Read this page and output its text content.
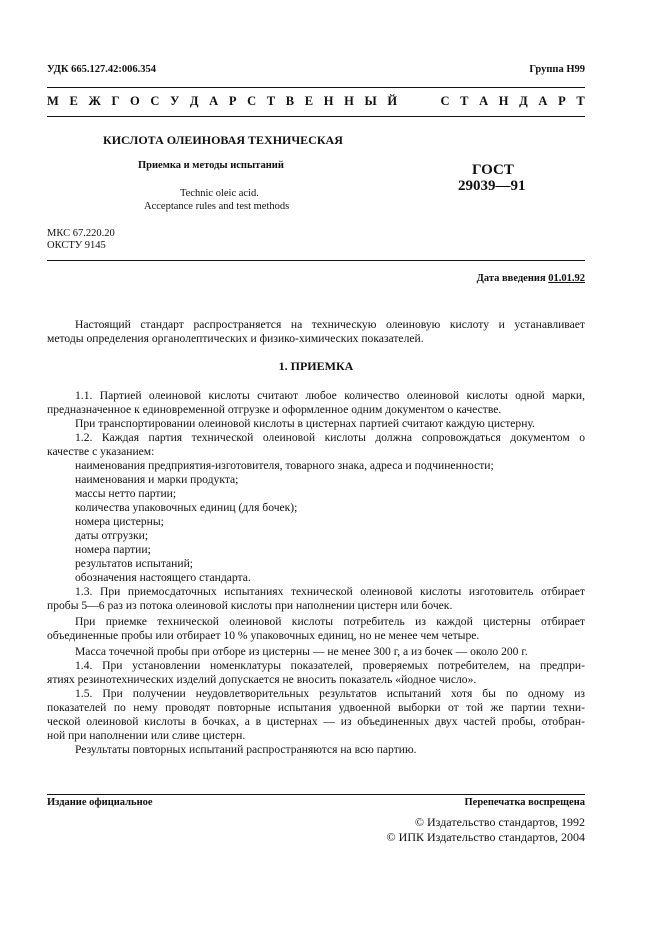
УДК 665.127.42:006.354	Группа Н99
М Е Ж Г О С У Д А Р С Т В Е Н Н Ы Й	С Т А Н Д А Р Т
КИСЛОТА ОЛЕИНОВАЯ ТЕХНИЧЕСКАЯ
Приемка и методы испытаний
Technic oleic acid.
Acceptance rules and test methods
ГОСТ
29039—91
МКС 67.220.20
ОКСТУ 9145
Дата введения 01.01.92

Настоящий стандарт распространяется на техническую олеиновую кислоту и устанавливает

методы определения органолептических и физико-химических показателей.

1. ПРИЕМКА

1.1. Партией олеиновой кислоты считают любое количество олеиновой кислоты одной марки,

предназначенное к единовременной отгрузке и оформленное одним документом о качестве.

При транспортировании олеиновой кислоты в цистернах партией считают каждую цистерну.

1.2. Каждая партия технической олеиновой кислоты должна сопровождаться документом о

качестве с указанием:

наименования предприятия-изготовителя, товарного знака, адреса и подчиненности;

наименования и марки продукта;

массы нетто партии;

количества упаковочных единиц (для бочек);

номера цистерны;

даты отгрузки;

номера партии;

результатов испытаний;

обозначения настоящего стандарта.

1.3. При приемосдаточных испытаниях технической олеиновой кислоты изготовитель отбирает

пробы 5—6 раз из потока олеиновой кислоты при наполнении цистерн или бочек.

При приемке технической олеиновой кислоты потребитель из каждой цистерны отбирает

объединенные пробы или отбирает 10 % упаковочных единиц, но не менее чем четыре.

Масса точечной пробы при отборе из цистерны — не менее 300 г, а из бочек — около 200 г.

1.4. При установлении номенклатуры показателей, проверяемых потребителем, на предпри-

ятиях резинотехнических изделий допускается не вносить показатель «йодное число».

1.5. При получении неудовлетворительных результатов испытаний хотя бы по одному из

показателей по нему проводят повторные испытания удвоенной выборки от той же партии техни-

ческой олеиновой кислоты в бочках, а в цистернах — из объединенных двух частей пробы, отобран-

ной при наполнении или сливе цистерн.

Результаты повторных испытаний распространяются на всю партию.

Издание официальное	Перепечатка воспрещена
© Издательство стандартов, 1992
© ИПК Издательство стандартов, 2004
